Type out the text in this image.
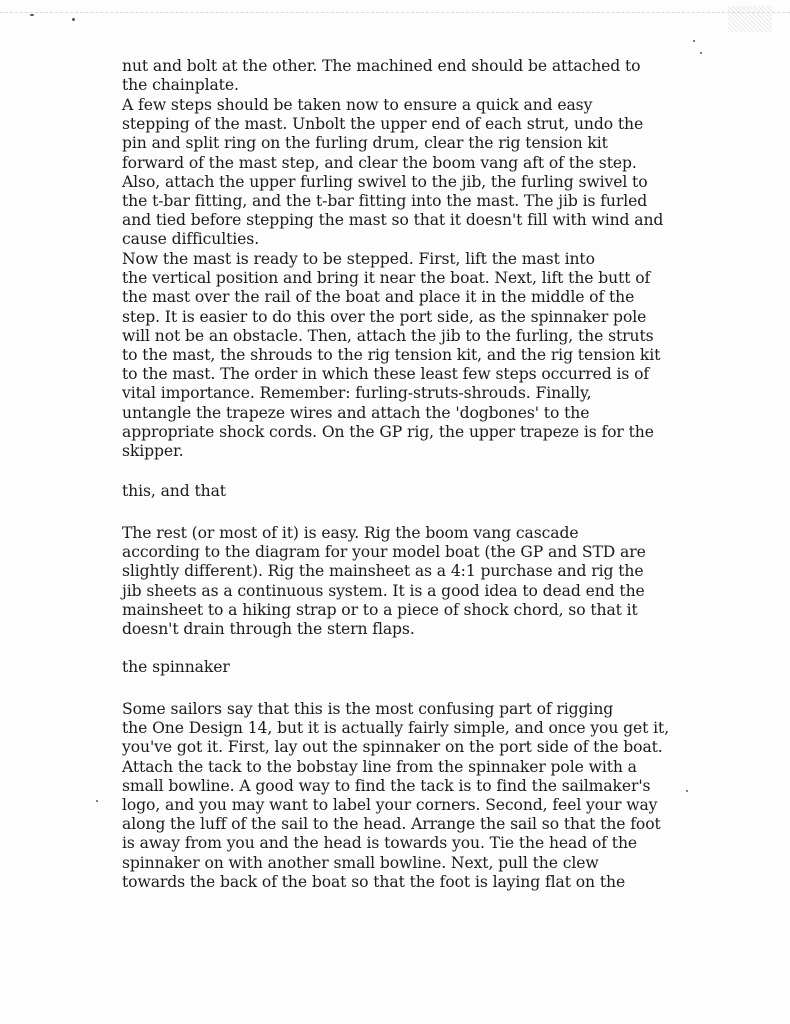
nut and bolt at the other. The machined end should be attached to
the chainplate.

A few steps should be taken now to ensure a quick and easy
stepping of the mast. Unbolt the upper end of each strut, undo the
pin and split ring on the furling drum, clear the rig tension kit
forward of the mast step, and clear the boom vang aft of the step.
Also, attach the upper furling swivel to the jib, the furling swivel to
the t-bar fitting, and the t-bar fitting into the mast. The jib is furled
and tied before stepping the mast so that it doesn't fill with wind and
cause difficulties.

Now the mast is ready to be stepped. First, lift the mast into
the vertical position and bring it near the boat. Next, lift the butt of
the mast over the rail of the boat and place it in the middle of the
step. It is easier to do this over the port side, as the spinnaker pole
will not be an obstacle. Then, attach the jib to the furling, the struts
to the mast, the shrouds to the rig tension kit, and the rig tension kit
to the mast. The order in which these least few steps occurred is of
vital importance. Remember: furling-struts-shrouds. Finally,
untangle the trapeze wires and attach the 'dogbones' to the
appropriate shock cords. On the GP rig, the upper trapeze is for the
skipper.

this, and that

The rest (or most of it) is easy. Rig the boom vang cascade
according to the diagram for your model boat (the GP and STD are
slightly different). Rig the mainsheet as a 4:1 purchase and rig the
jib sheets as a continuous system. It is a good idea to dead end the
mainsheet to a hiking strap or to a piece of shock chord, so that it
doesn't drain through the stern flaps.

the spinnaker

Some sailors say that this is the most confusing part of rigging
the One Design 14, but it is actually fairly simple, and once you get it,
you've got it. First, lay out the spinnaker on the port side of the boat.
Attach the tack to the bobstay line from the spinnaker pole with a
small bowline. A good way to find the tack is to find the sailmaker's
logo, and you may want to label your corners. Second, feel your way
along the luff of the sail to the head. Arrange the sail so that the foot
is away from you and the head is towards you. Tie the head of the
spinnaker on with another small bowline. Next, pull the clew
towards the back of the boat so that the foot is laying flat on the
